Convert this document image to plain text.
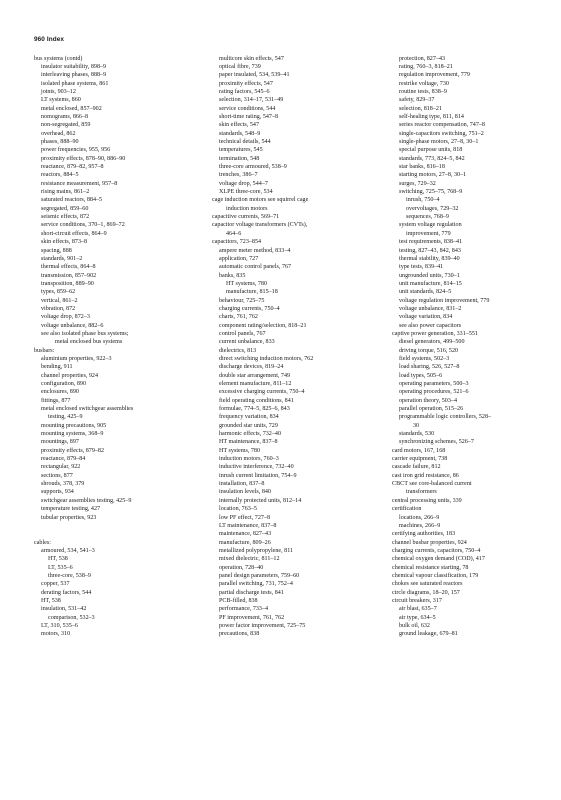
960 Index
bus systems (contd)
insulator suitability, 898–9
interleaving phases, 888–9
isolated phase systems, 861
joints, 903–12
LT systems, 860
metal enclosed, 857–902
nomograms, 866–8
non-segregated, 859
overhead, 862
phases, 888–90
power frequencies, 955, 956
proximity effects, 878–90, 886–90
reactance, 879–82, 957–8
reactors, 884–5
resistance measurement, 957–8
rising mains, 861–2
saturated reactors, 884–5
segregated, 859–60
seismic effects, 872
service conditions, 370–1, 869–72
short-circuit effects, 864–9
skin effects, 873–8
spacing, 888
standards, 901–2
thermal effects, 864–8
transmission, 857–902
transposition, 889–90
types, 859–62
vertical, 861–2
vibration, 872
voltage drop, 872–3
voltage unbalance, 882–6
see also isolated phase bus systems;
metal enclosed bus systems
busbars:
aluminium properties, 922–3
bending, 911
channel properties, 924
configuration, 890
enclosures, 890
fittings, 877
metal enclosed switchgear assemblies
testing, 425–9
mounting precautions, 905
mounting systems, 368–9
mountings, 897
proximity effects, 879–82
reactance, 879–84
rectangular, 922
sections, 877
shrouds, 378, 379
supports, 934
switchgear assemblies testing, 425–9
temperature testing, 427
tubular properties, 923
cables:
armoured, 534, 541–3
HT, 538
LT, 535–6
three-core, 538–9
copper, 537
derating factors, 544
HT, 538
insulation, 531–42
comparison, 532–3
LT, 310, 535–6
motors, 310
multicore skin effects, 547
optical fibre, 739
paper insulated, 534, 539–41
proximity effects, 547
rating factors, 545–6
selection, 314–17, 531–49
service conditions, 544
short-time rating, 547–8
skin effects, 547
standards, 548–9
technical details, 544
temperatures, 545
termination, 548
three-core armoured, 538–9
trenches, 386–7
voltage drop, 544–7
XLPE three-core, 534
cage induction motors see squirrel cage
induction motors
capacitive currents, 569–71
capacitor voltage transformers (CVTs),
464–6
capacitors, 723–854
ampere meter method, 833–4
application, 727
automatic control panels, 767
banks, 835
HT systems, 780
manufacture, 815–18
behaviour, 725–75
charging currents, 750–4
charts, 761, 762
component rating/selection, 818–21
control panels, 767
current unbalance, 833
dielectrics, 813
direct switching induction motors, 762
discharge devices, 819–24
double star arrangement, 749
element manufacture, 811–12
excessive charging currents, 750–4
field operating conditions, 841
formulae, 774–5, 825–6, 843
frequency variation, 834
grounded star units, 729
harmonic effects, 732–40
HT maintenance, 837–8
HT systems, 780
induction motors, 760–3
inductive interference, 732–40
inrush current limitation, 754–9
installation, 837–8
insulation levels, 840
internally protected units, 812–14
location, 763–5
low PF effect, 727–8
LT maintenance, 837–8
maintenance, 827–43
manufacture, 809–26
metallized polypropylene, 811
mixed dielectric, 811–12
operation, 728–40
panel design parameters, 759–60
parallel switching, 731, 752–4
partial discharge tests, 841
PCB-filled, 838
performance, 733–4
PF improvement, 761, 762
power factor improvement, 725–75
precautions, 838
protection, 827–43
rating, 760–3, 818–21
regulation improvement, 779
restrike voltage, 730
routine tests, 838–9
safety, 829–37
selection, 818–21
self-healing type, 811, 814
series reactor compensation, 747–8
single-capacitors switching, 751–2
single-phase motors, 27–8, 30–1
special purpose units, 818
standards, 773, 824–5, 842
star banks, 816–18
starting motors, 27–8, 30–1
surges, 729–32
switching, 725–75, 768–9
inrush, 750–4
overvoltages, 729–32
sequences, 768–9
system voltage regulation
improvement, 779
test requirements, 838–41
testing, 827–43, 842, 843
thermal stability, 839–40
type tests, 839–41
ungrounded units, 730–1
unit manufacture, 814–15
unit standards, 824–5
voltage regulation improvement, 779
voltage unbalance, 831–2
voltage variation, 834
see also power capacitors
captive power generation, 331–551
diesel generators, 499–500
driving torque, 516, 520
field systems, 502–3
load sharing, 526, 527–8
load types, 505–6
operating parameters, 500–3
operating procedures, 521–6
operation theory, 503–4
parallel operation, 515–26
programmable logic controllers, 528–
30
standards, 530
synchronizing schemes, 526–7
card motors, 167, 168
carrier equipment, 738
cascade failure, 812
cast iron grid resistance, 86
CBCT see core-balanced current
transformers
central processing units, 339
certification
locations, 266–9
machines, 266–9
certifying authorities, 183
channel busbar properties, 924
charging currents, capacitors, 750–4
chemical oxygen demand (COD), 417
chemical resistance starting, 78
chemical vapour classification, 179
chokes see saturated reactors
circle diagrams, 18–20, 157
circuit breakers, 317
air blast, 635–7
air type, 634–5
bulk oil, 632
ground leakage, 679–81
